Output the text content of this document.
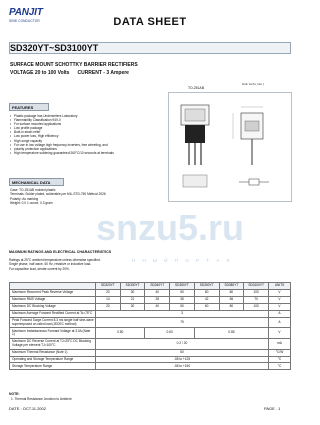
PANJIT
SEMI CONDUCTOR	DATA SHEET
SD320YT~SD3100YT
SURFACE MOUNT SCHOTTKY BARRIER RECTIFIERS
VOLTAGE 20 to 100 Volts CURRENT - 3 Ampere
FEATURES
• Plastic package has Underwriters Laboratory
• Flammability Classification 94V-0
• For surface mounted applications
• Low profile package
• Built-in strain relief
• Low power loss, High efficiency
• High surge capacity
• For use in low voltage high frequency inverters, free wheeling, and
• polarity protection applications
• High temperature soldering guaranteed:260°C/10 seconds at terminals
MECHANICAL DATA
Case: TO-251AB molded plastic
Terminals: Solder plated, solderable per MIL-STD-750 Method 2026
Polarity: As marking
Weight: 0.0 1 ounce, 0.3 gram
TO-251AB
Unit: inch ( mm )
snzu5.ru
Н Н Ы Й П О Р Т А Л
MAXIMUM RATINGS AND ELECTRICAL CHARACTERISTICS

Ratings at 25°C ambient temperature unless otherwise specified.

Single phase, half wave, 60 Hz, resistive or inductive load.

For capacitive load, derate current by 20%.

	SD320YT	SD330YT	SD340YT	SD350YT	SD360YT	SD380YT	SD3100YT	UNITS
Maximum Recurrent Peak Reverse Voltage	20	30	40	50	60	80	100	V
Maximum RMS Voltage	14	21	28	35	42	56	70	V
Maximum DC Blocking Voltage	20	30	40	50	60	80	100	V
Maximum Average Forward Rectified Current at Tc=75°C	3							A
Peak Forward Surge Current 8.3 ms single half sine-wave superimposed on rated load (JEDEC method)	75							A
Maximum Instantaneous Forward Voltage at 3.0A (Note 1)	0.50		0.63		0.85			V
Maximum DC Reverse Current at TJ=25°C DC Blocking Voltage per element TJ=100°C	0.2 / 20							mA
Maximum Thermal Resistance (Note 1)	60							°C/W
Operating and Storage Temperature Range	-55 to +125							°C
Storage Temperature Range	-55 to +150							°C
NOTE:
1. Thermal Resistance Junction to Ambient
DATE : OCT.11.2002	PAGE . 1
